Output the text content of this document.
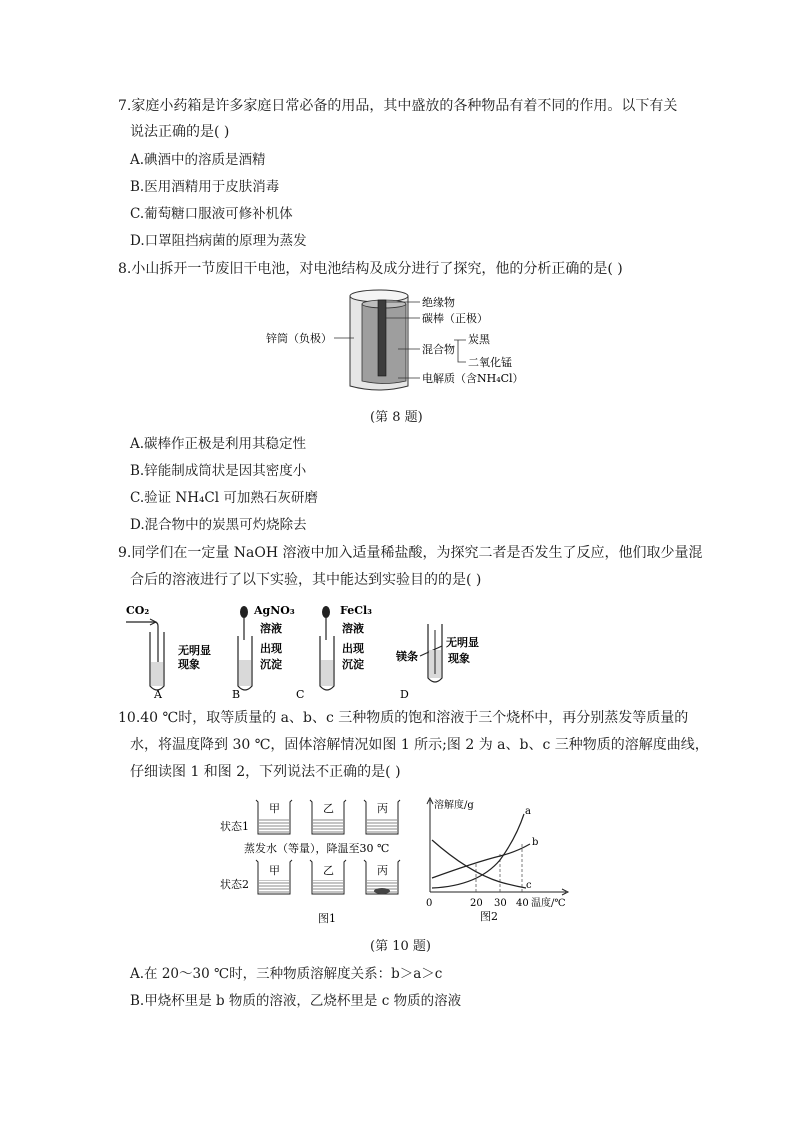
7.家庭小药箱是许多家庭日常必备的用品，其中盛放的各种物品有着不同的作用。以下有关
说法正确的是( )
A.碘酒中的溶质是酒精
B.医用酒精用于皮肤消毒
C.葡萄糖口服液可修补机体
D.口罩阻挡病菌的原理为蒸发
8.小山拆开一节废旧干电池，对电池结构及成分进行了探究，他的分析正确的是( )
绝缘物
碳棒（正极）
锌筒（负极）
混合物
炭黑
二氧化锰
电解质（含NH₄Cl）
(第 8 题)
A.碳棒作正极是利用其稳定性
B.锌能制成筒状是因其密度小
C.验证 NH₄Cl 可加熟石灰研磨
D.混合物中的炭黑可灼烧除去
9.同学们在一定量 NaOH 溶液中加入适量稀盐酸，为探究二者是否发生了反应，他们取少量混
合后的溶液进行了以下实验，其中能达到实验目的的是( )
CO₂
无明显
现象
A
AgNO₃
溶液
出现
沉淀
B
FeCl₃
溶液
出现
沉淀
C
镁条
无明显
现象
D
10.40 ℃时，取等质量的 a、b、c 三种物质的饱和溶液于三个烧杯中，再分别蒸发等质量的
水，将温度降到 30 ℃，固体溶解情况如图 1 所示;图 2 为 a、b、c 三种物质的溶解度曲线，
仔细读图 1 和图 2，下列说法不正确的是( )
状态1
状态2
甲	乙	丙
蒸发水（等量），降温至30 ℃
甲	乙	丙
图1
溶解度/g
温度/℃
0	20 30 40
a
b
c
图2
(第 10 题)
A.在 20～30 ℃时，三种物质溶解度关系：b＞a＞c
B.甲烧杯里是 b 物质的溶液，乙烧杯里是 c 物质的溶液
